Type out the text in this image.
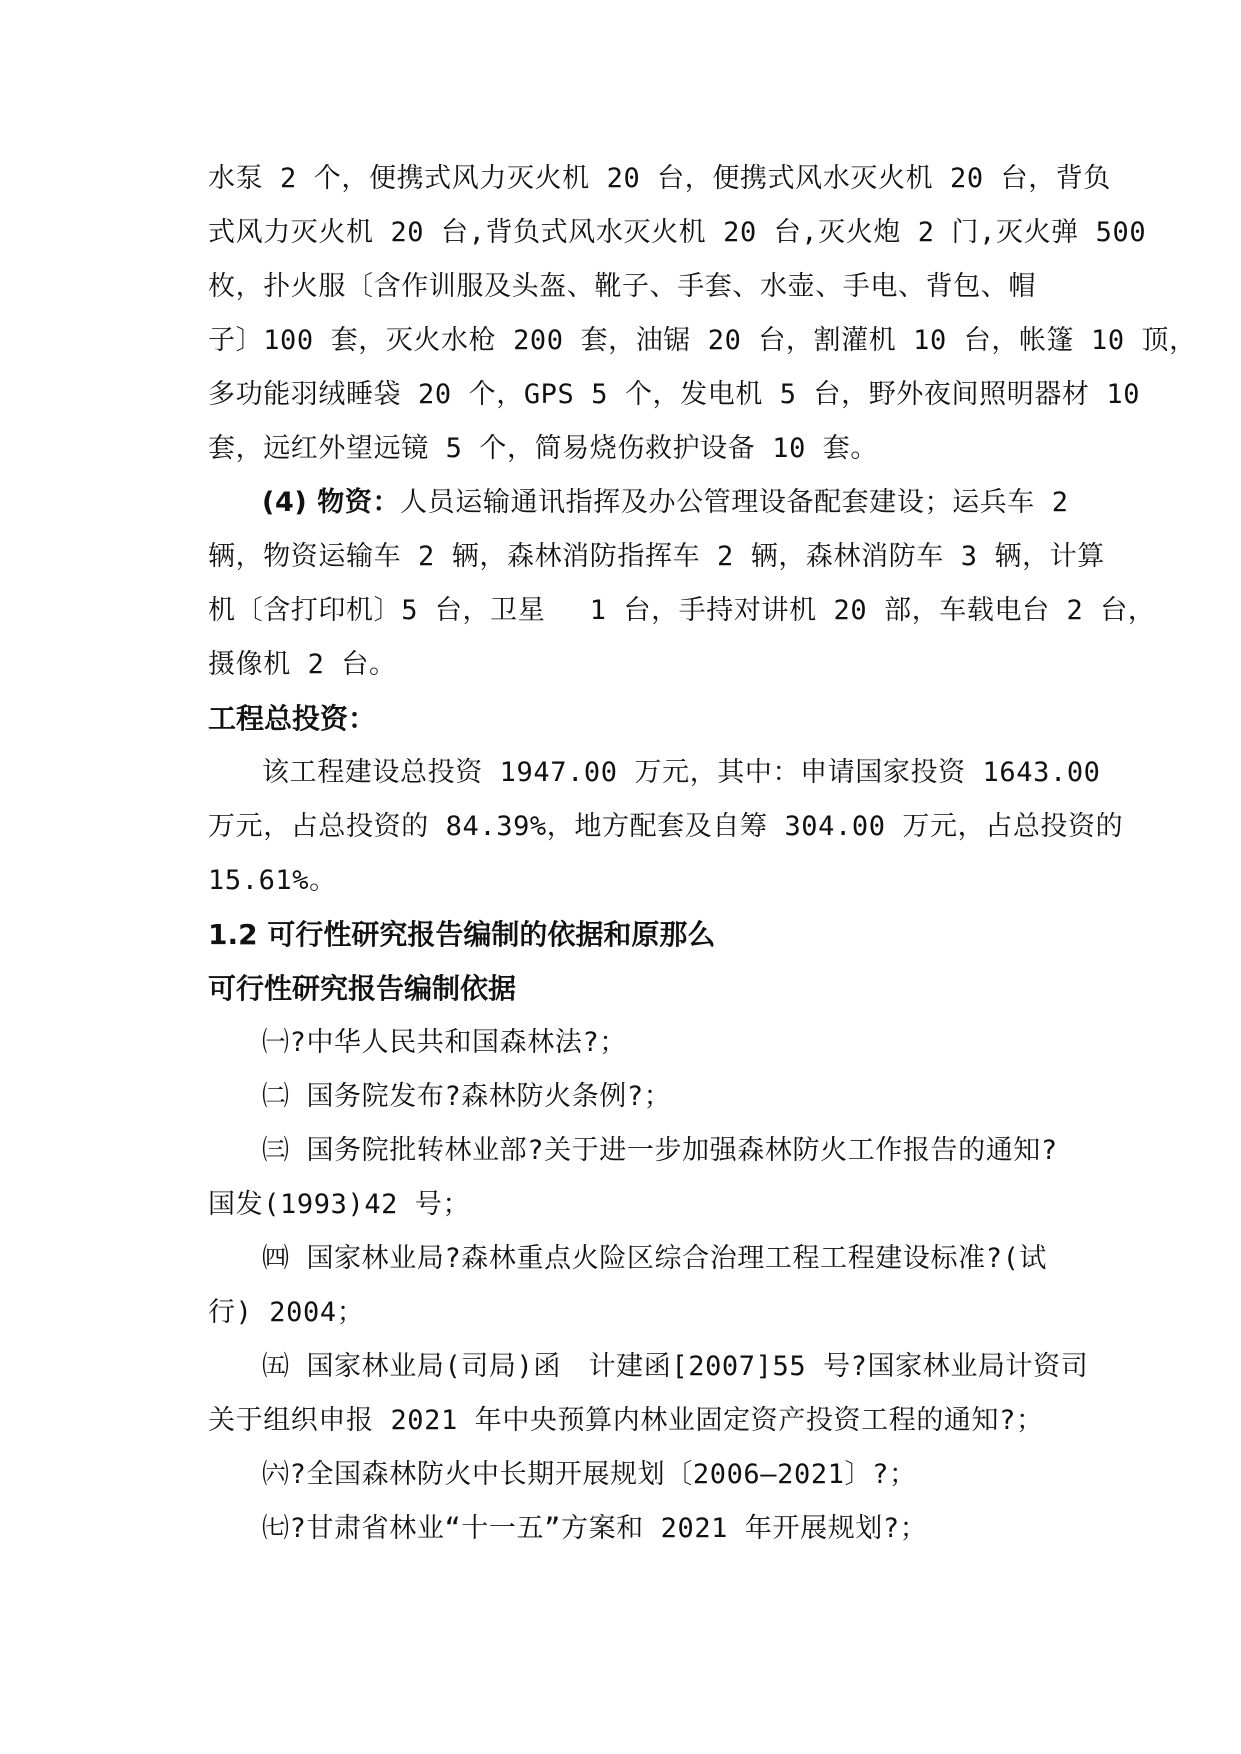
水泵 2 个，便携式风力灭火机 20 台，便携式风水灭火机 20 台，背负
式风力灭火机 20 台,背负式风水灭火机 20 台,灭火炮 2 门,灭火弹 500
枚，扑火服〔含作训服及头盔、靴子、手套、水壶、手电、背包、帽
子〕100 套，灭火水枪 200 套，油锯 20 台，割灌机 10 台，帐篷 10 顶，
多功能羽绒睡袋 20 个，GPS 5 个，发电机 5 台，野外夜间照明器材 10
套，远红外望远镜 5 个，简易烧伤救护设备 10 套。
(4) 物资：人员运输通讯指挥及办公管理设备配套建设；运兵车 2
辆，物资运输车 2 辆，森林消防指挥车 2 辆，森林消防车 3 辆，计算
机〔含打印机〕5 台，卫星　 1 台，手持对讲机 20 部，车载电台 2 台，
摄像机 2 台。
工程总投资：
该工程建设总投资 1947.00 万元，其中：申请国家投资 1643.00
万元，占总投资的 84.39%，地方配套及自筹 304.00 万元，占总投资的
15.61%。
1.2 可行性研究报告编制的依据和原那么
可行性研究报告编制依据
㈠?中华人民共和国森林法?；
㈡ 国务院发布?森林防火条例?；
㈢ 国务院批转林业部?关于进一步加强森林防火工作报告的通知?
国发(1993)42 号；
㈣ 国家林业局?森林重点火险区综合治理工程工程建设标准?(试
行) 2004；
㈤ 国家林业局(司局)函　计建函[2007]55 号?国家林业局计资司
关于组织申报 2021 年中央预算内林业固定资产投资工程的通知?；
㈥?全国森林防火中长期开展规划〔2006—2021〕?；
㈦?甘肃省林业“十一五”方案和 2021 年开展规划?；
